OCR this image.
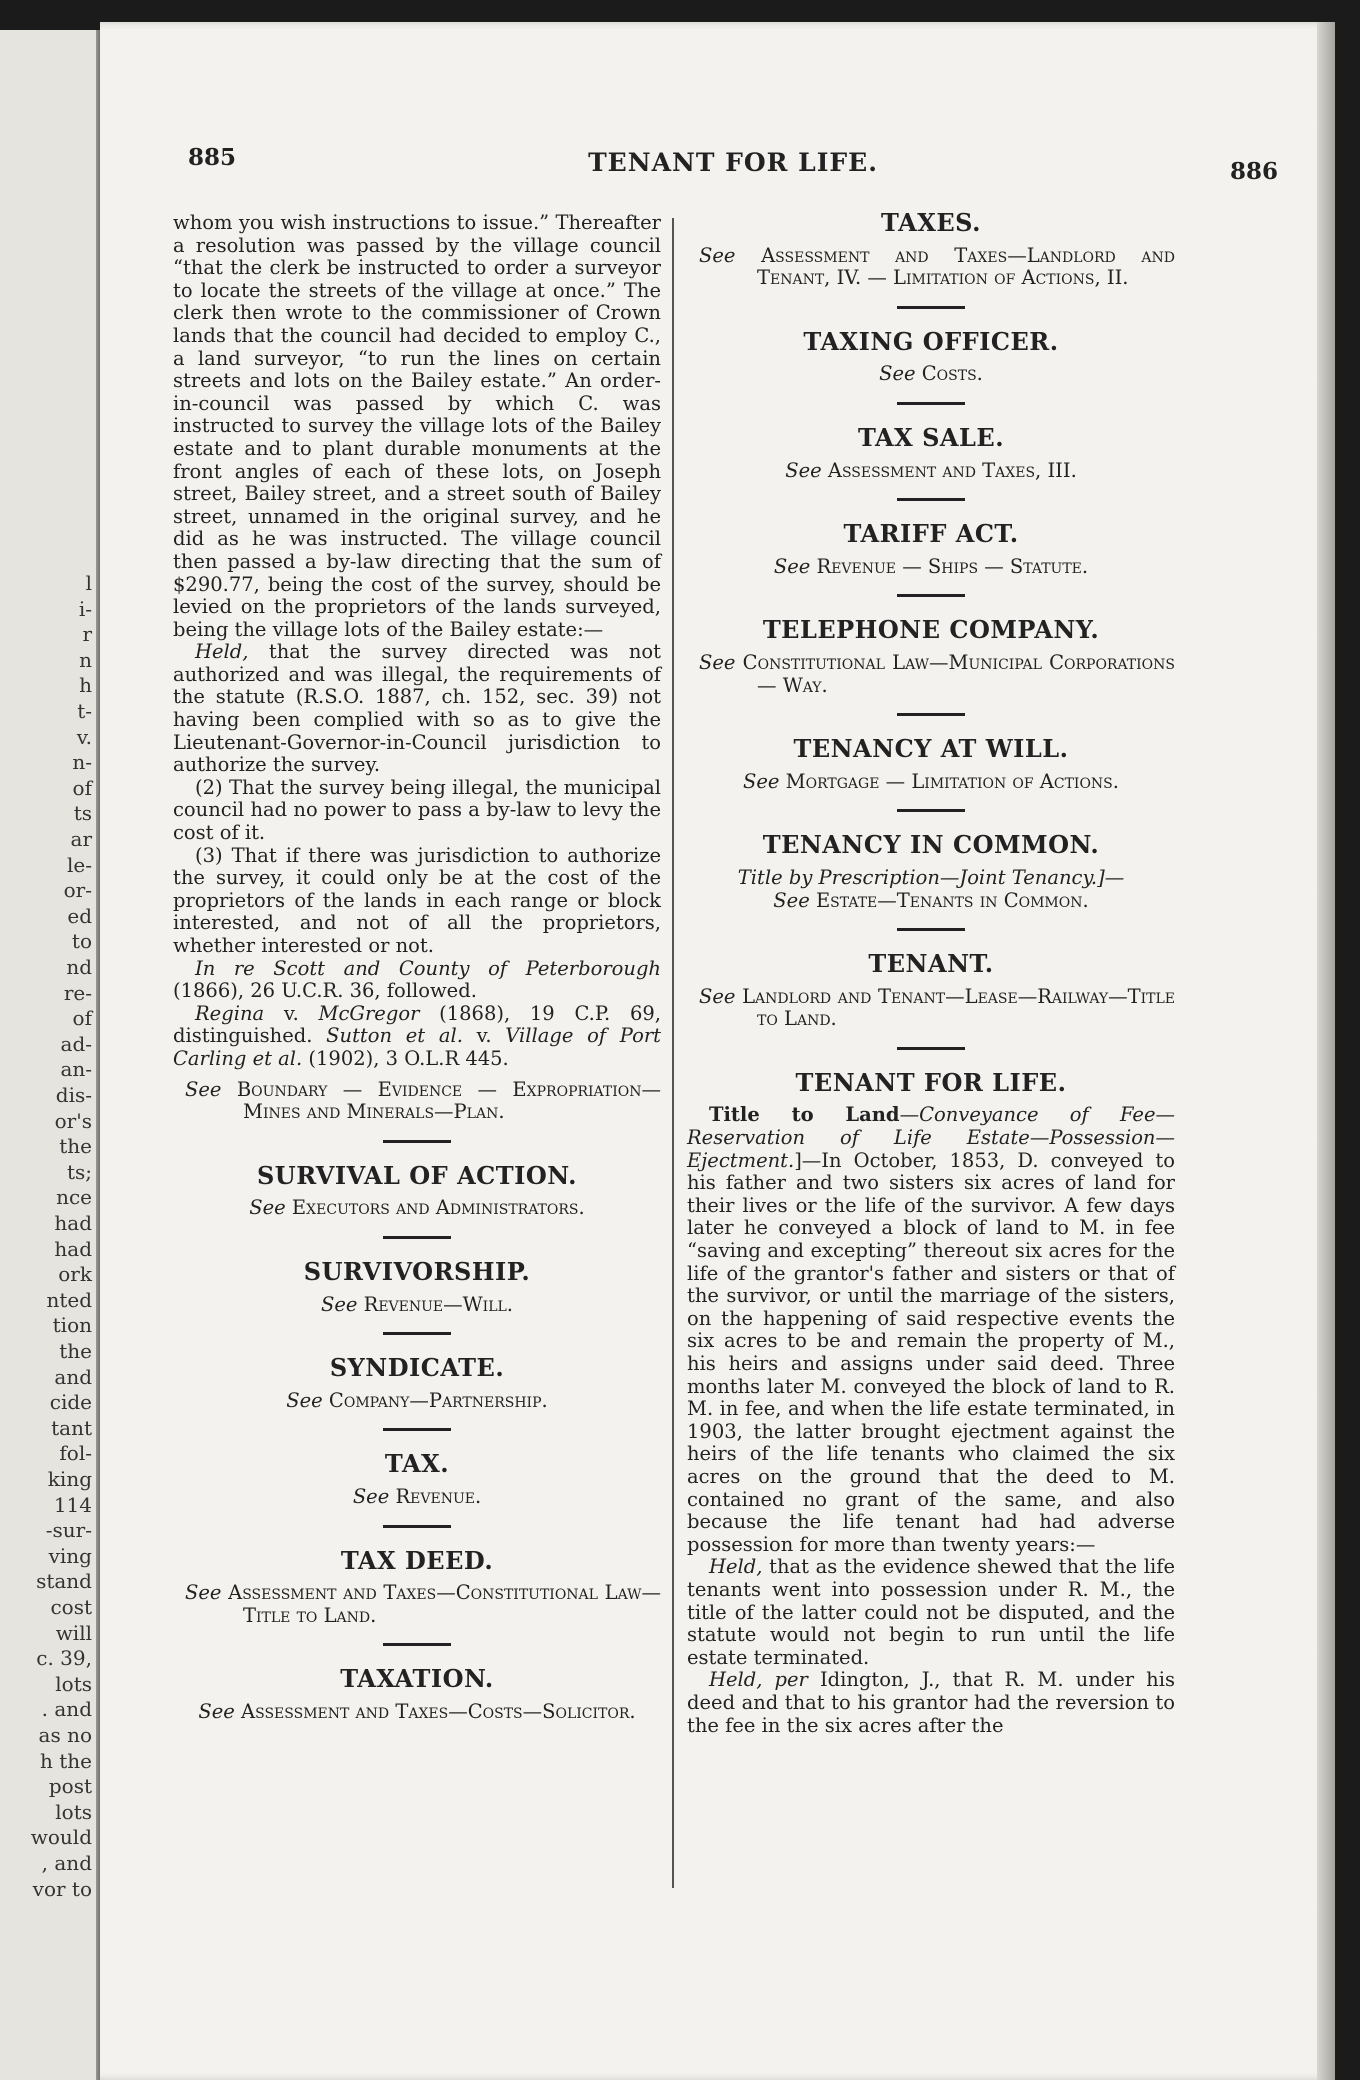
l
i-
r
n
h
t-
v.
n-
of
ts
ar
le-
or-
ed
to
nd
re-
of
ad-
an-
dis-
or's
the
ts;
nce
had
had
ork
nted
tion
the
and
cide
tant
fol-
king
114
-sur-
ving
stand
cost
will
c. 39,
lots
. and
as no
h the
post
lots
would
, and
vor to
885	TENANT FOR LIFE.	886

whom you wish instructions to issue.” Thereafter a resolution was passed by the village council “that the clerk be instructed to order a surveyor to locate the streets of the village at once.” The clerk then wrote to the commissioner of Crown lands that the council had decided to employ C., a land surveyor, “to run the lines on certain streets and lots on the Bailey estate.” An order-in-council was passed by which C. was instructed to survey the village lots of the Bailey estate and to plant durable monuments at the front angles of each of these lots, on Joseph street, Bailey street, and a street south of Bailey street, unnamed in the original survey, and he did as he was instructed. The village council then passed a by-law directing that the sum of $290.77, being the cost of the survey, should be levied on the proprietors of the lands surveyed, being the village lots of the Bailey estate:—

Held, that the survey directed was not authorized and was illegal, the requirements of the statute (R.S.O. 1887, ch. 152, sec. 39) not having been complied with so as to give the Lieutenant-Governor-in-Council jurisdiction to authorize the survey.

(2) That the survey being illegal, the municipal council had no power to pass a by-law to levy the cost of it.

(3) That if there was jurisdiction to authorize the survey, it could only be at the cost of the proprietors of the lands in each range or block interested, and not of all the proprietors, whether interested or not.

In re Scott and County of Peterborough (1866), 26 U.C.R. 36, followed.

Regina v. McGregor (1868), 19 C.P. 69, distinguished. Sutton et al. v. Village of Port Carling et al. (1902), 3 O.L.R 445.

See Boundary — Evidence — Expropriation—Mines and Minerals—Plan.

SURVIVAL OF ACTION.

See Executors and Administrators.

SURVIVORSHIP.

See Revenue—Will.

SYNDICATE.

See Company—Partnership.

TAX.

See Revenue.

TAX DEED.

See Assessment and Taxes—Constitutional Law—Title to Land.

TAXATION.

See Assessment and Taxes—Costs—Solicitor.

TAXES.

See Assessment and Taxes—Landlord and Tenant, IV. — Limitation of Actions, II.

TAXING OFFICER.

See Costs.

TAX SALE.

See Assessment and Taxes, III.

TARIFF ACT.

See Revenue — Ships — Statute.

TELEPHONE COMPANY.

See Constitutional Law—Municipal Corporations — Way.

TENANCY AT WILL.

See Mortgage — Limitation of Actions.

TENANCY IN COMMON.

Title by Prescription—Joint Tenancy.]—

See Estate—Tenants in Common.

TENANT.

See Landlord and Tenant—Lease—Railway—Title to Land.

TENANT FOR LIFE.

Title to Land—Conveyance of Fee—Reservation of Life Estate—Possession—Ejectment.]—In October, 1853, D. conveyed to his father and two sisters six acres of land for their lives or the life of the survivor. A few days later he conveyed a block of land to M. in fee “saving and excepting” thereout six acres for the life of the grantor's father and sisters or that of the survivor, or until the marriage of the sisters, on the happening of said respective events the six acres to be and remain the property of M., his heirs and assigns under said deed. Three months later M. conveyed the block of land to R. M. in fee, and when the life estate terminated, in 1903, the latter brought ejectment against the heirs of the life tenants who claimed the six acres on the ground that the deed to M. contained no grant of the same, and also because the life tenant had had adverse possession for more than twenty years:—

Held, that as the evidence shewed that the life tenants went into possession under R. M., the title of the latter could not be disputed, and the statute would not begin to run until the life estate terminated.

Held, per Idington, J., that R. M. under his deed and that to his grantor had the reversion to the fee in the six acres after the
